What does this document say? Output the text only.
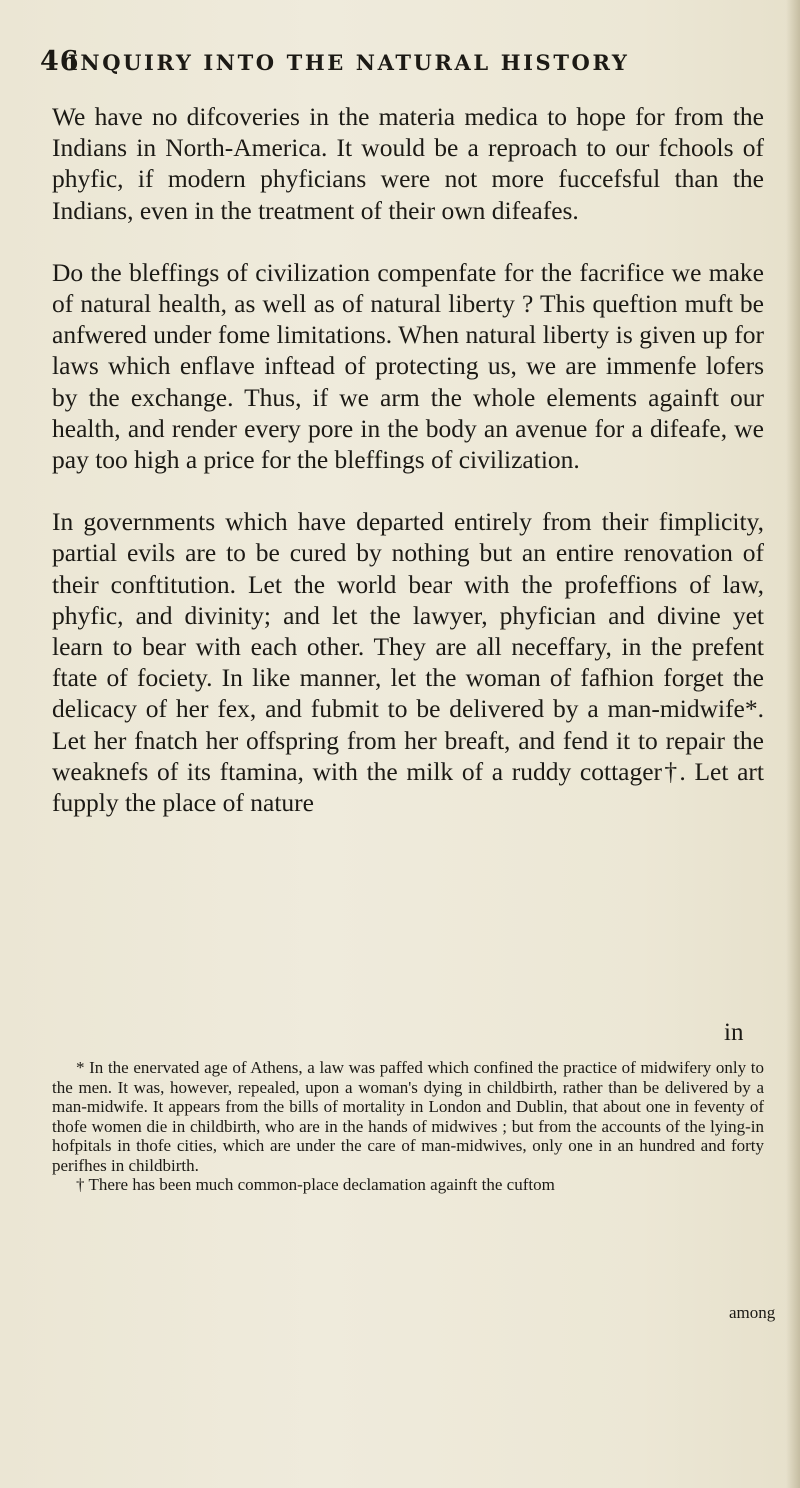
46
INQUIRY INTO THE NATURAL HISTORY

We have no difcoveries in the materia medica to hope for from the Indians in North-America. It would be a reproach to our fchools of phyfic, if modern phyficians were not more fuccefsful than the Indians, even in the treatment of their own difeafes.

Do the bleffings of civilization compenfate for the facrifice we make of natural health, as well as of natural liberty ? This queftion muft be anfwered under fome limitations. When natural liberty is given up for laws which enflave inftead of protecting us, we are immenfe lofers by the exchange. Thus, if we arm the whole elements againft our health, and render every pore in the body an avenue for a difeafe, we pay too high a price for the bleffings of civilization.

In governments which have departed entirely from their fimplicity, partial evils are to be cured by nothing but an entire renovation of their conftitution. Let the world bear with the profeffions of law, phyfic, and divinity; and let the lawyer, phyfician and divine yet learn to bear with each other. They are all neceffary, in the prefent ftate of fociety. In like manner, let the woman of fafhion forget the delicacy of her fex, and fubmit to be delivered by a man-midwife*. Let her fnatch her offspring from her breaft, and fend it to repair the weaknefs of its ftamina, with the milk of a ruddy cottager†. Let art fupply the place of nature

in

* In the enervated age of Athens, a law was paffed which confined the practice of midwifery only to the men. It was, however, repealed, upon a woman's dying in childbirth, rather than be delivered by a man-midwife. It appears from the bills of mortality in London and Dublin, that about one in feventy of thofe women die in childbirth, who are in the hands of midwives ; but from the accounts of the lying-in hofpitals in thofe cities, which are under the care of man-midwives, only one in an hundred and forty perifhes in childbirth.

† There has been much common-place declamation againft the cuftom

among
